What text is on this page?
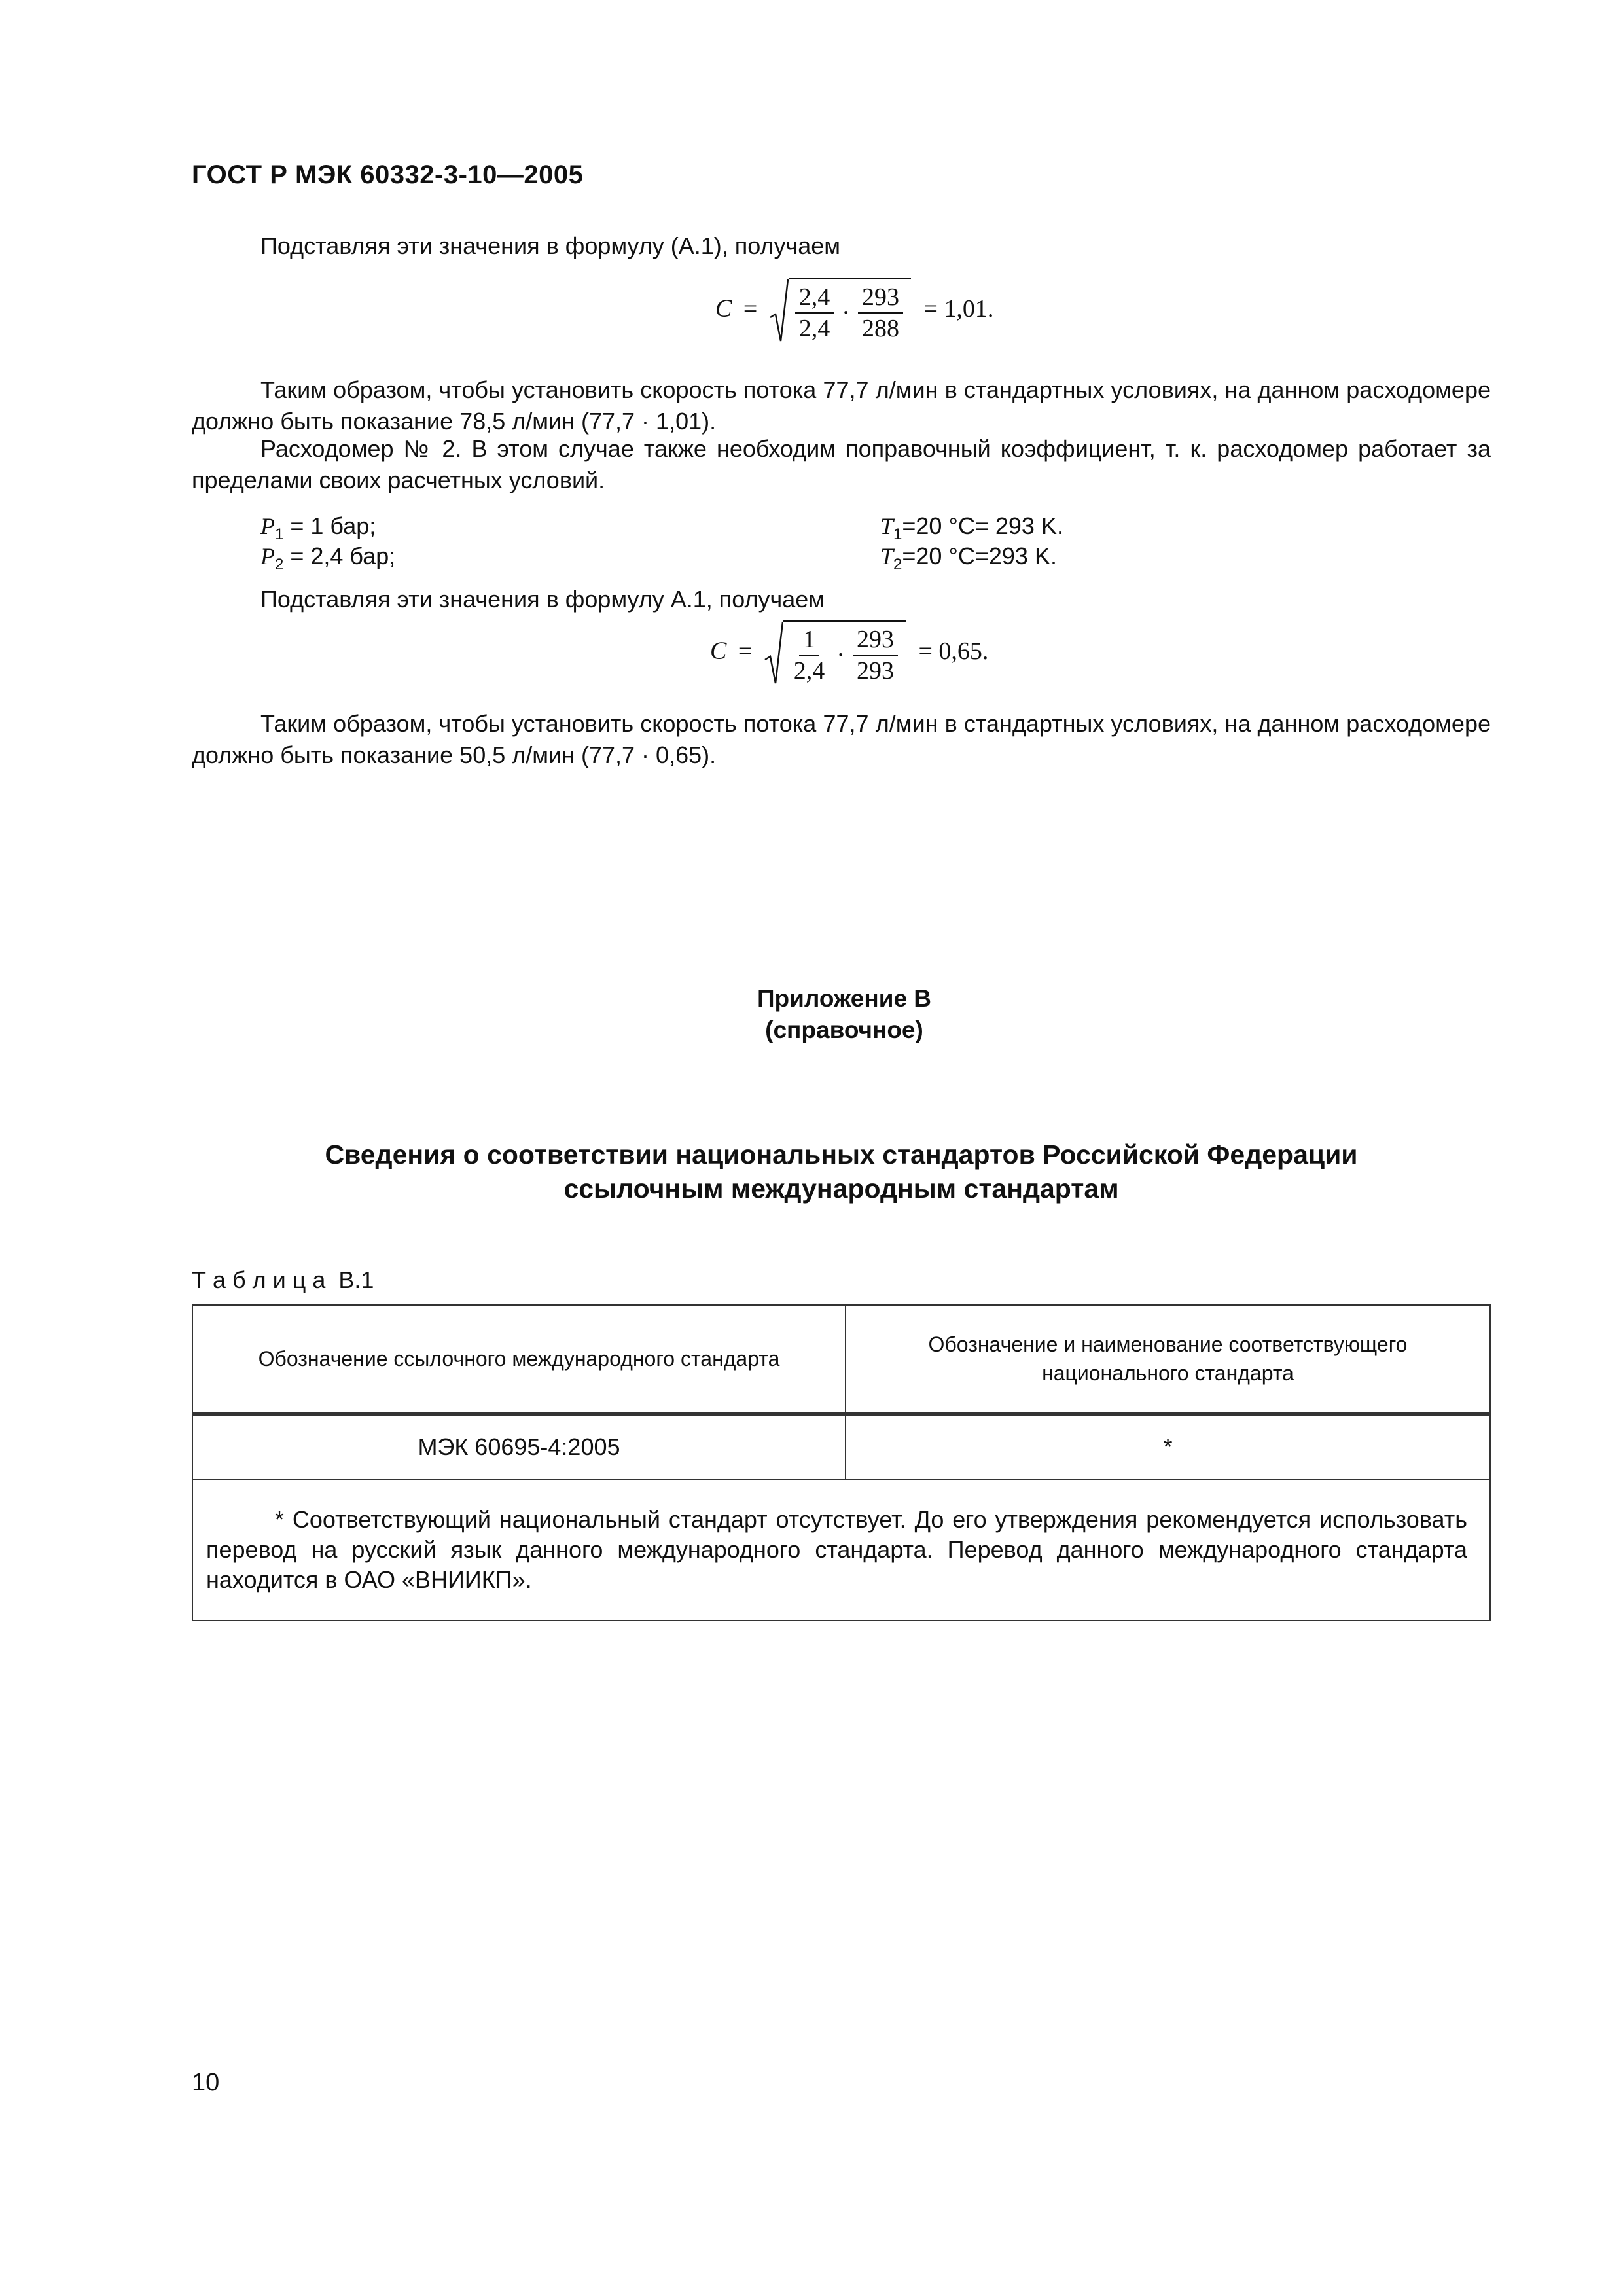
ГОСТ Р МЭК 60332-3-10—2005
Подставляя эти значения в формулу (А.1), получаем
$C = \frac{2,4}{2,4} \cdot \frac{293}{288} = 1,01$.
Таким образом, чтобы установить скорость потока 77,7 л/мин в стандартных условиях, на данном расходомере должно быть показание 78,5 л/мин (77,7 · 1,01).
Расходомер № 2. В этом случае также необходим поправочный коэффициент, т. к. расходомер работает за пределами своих расчетных условий.
$P_1 = 1$ бар;
$P_2 = 2,4$ бар;
$T_1=20$ °C= 293 K.
$T_2=20$ °C=293 K.
Подставляя эти значения в формулу А.1, получаем
$C = \frac{1}{2,4} \cdot \frac{293}{293} = 0,65$.
Таким образом, чтобы установить скорость потока 77,7 л/мин в стандартных условиях, на данном расходомере должно быть показание 50,5 л/мин (77,7 · 0,65).
Приложение В
(справочное)
Сведения о соответствии национальных стандартов Российской Федерации
ссылочным международным стандартам
Т а б л и ц а  В.1
Обозначение ссылочного международного стандарта	Обозначение и наименование соответствующего национального стандарта
МЭК 60695-4:2005	*
* Соответствующий национальный стандарт отсутствует. До его утверждения рекомендуется использовать перевод на русский язык данного международного стандарта. Перевод данного международного стандарта находится в ОАО «ВНИИКП».	
10
